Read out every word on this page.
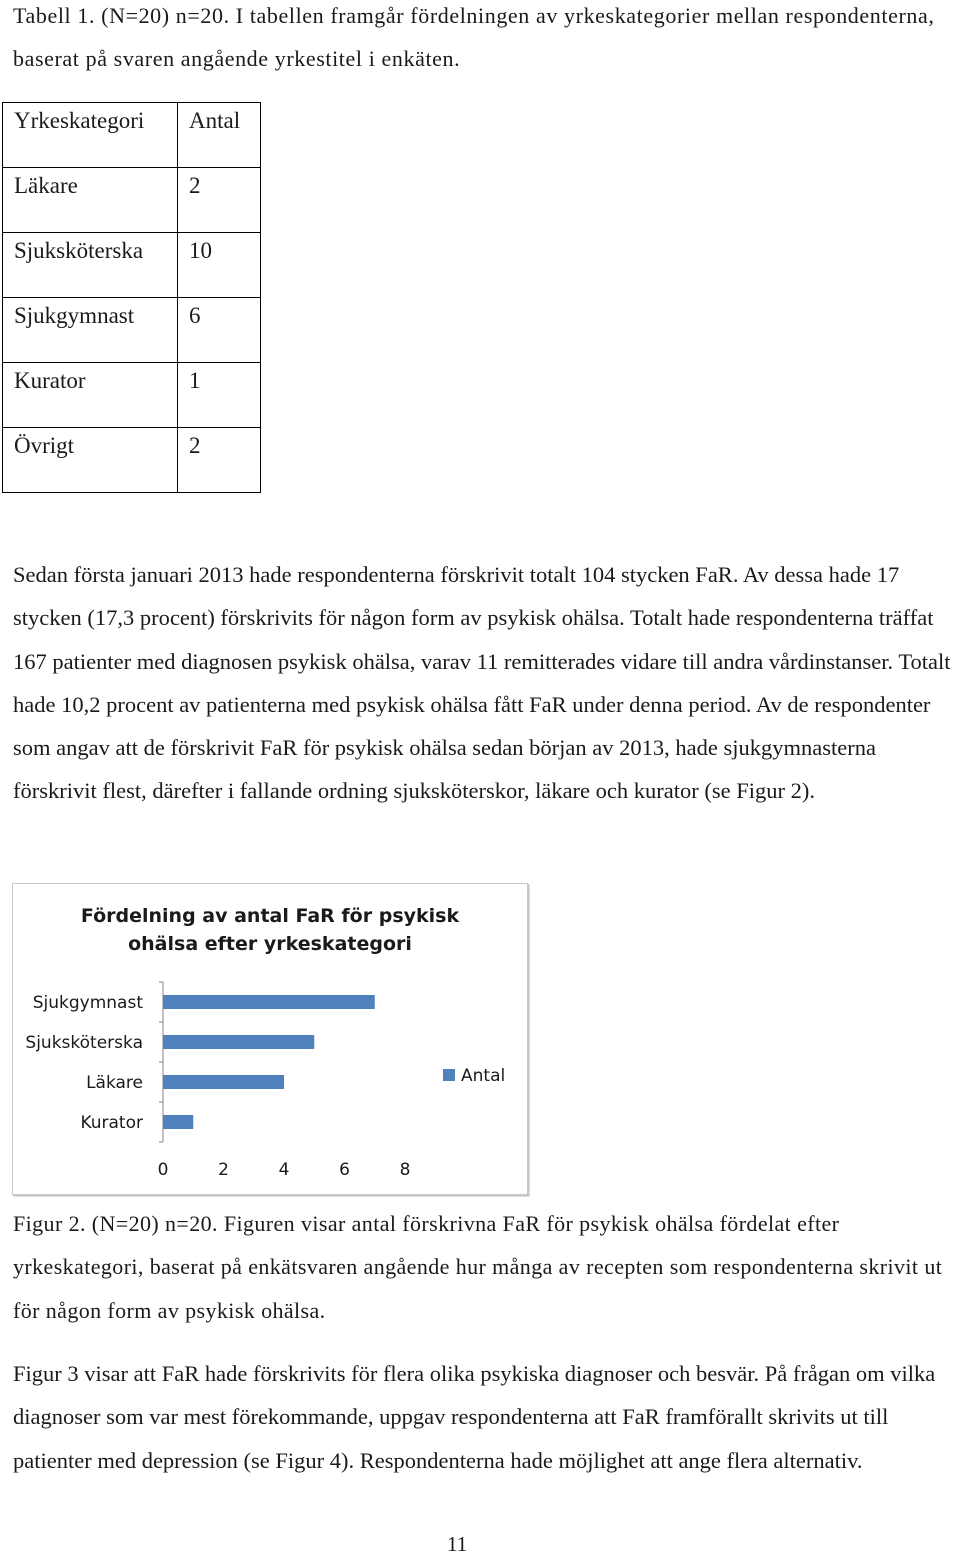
Tabell 1. (N=20) n=20. I tabellen framgår fördelningen av yrkeskategorier mellan respondenterna, baserat på svaren angående yrkestitel i enkäten.

Yrkeskategori	Antal
Läkare	2
Sjuksköterska	10
Sjukgymnast	6
Kurator	1
Övrigt	2

Sedan första januari 2013 hade respondenterna förskrivit totalt 104 stycken FaR. Av dessa hade 17 stycken (17,3 procent) förskrivits för någon form av psykisk ohälsa. Totalt hade respondenterna träffat 167 patienter med diagnosen psykisk ohälsa, varav 11 remitterades vidare till andra vårdinstanser. Totalt hade 10,2 procent av patienterna med psykisk ohälsa fått FaR under denna period. Av de respondenter som angav att de förskrivit FaR för psykisk ohälsa sedan början av 2013, hade sjukgymnasterna förskrivit flest, därefter i fallande ordning sjuksköterskor, läkare och kurator (se Figur 2).

Fördelning av antal FaR för psykisk
ohälsa efter yrkeskategori
Sjukgymnast
Sjuksköterska
Läkare
Kurator
0	2	4	6	8
Antal

Figur 2. (N=20) n=20. Figuren visar antal förskrivna FaR för psykisk ohälsa fördelat efter yrkeskategori, baserat på enkätsvaren angående hur många av recepten som respondenterna skrivit ut för någon form av psykisk ohälsa.

Figur 3 visar att FaR hade förskrivits för flera olika psykiska diagnoser och besvär. På frågan om vilka diagnoser som var mest förekommande, uppgav respondenterna att FaR framförallt skrivits ut till patienter med depression (se Figur 4). Respondenterna hade möjlighet att ange flera alternativ.

11
